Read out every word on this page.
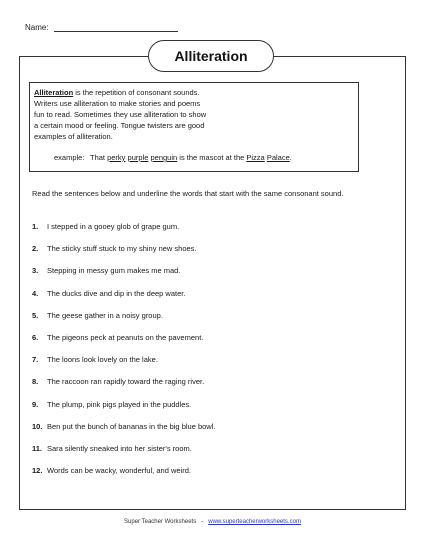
Name:
Alliteration

Alliteration is the repetition of consonant sounds.

Writers use alliteration to make stories and poems

fun to read. Sometimes they use alliteration to show

a certain mood or feeling. Tongue twisters are good

examples of alliteration.

example: That perky purple penguin is the mascot at the Pizza Palace.

Read the sentences below and underline the words that start with the same consonant sound.
1.	I stepped in a gooey glob of grape gum.
2.	The sticky stuff stuck to my shiny new shoes.
3.	Stepping in messy gum makes me mad.
4.	The ducks dive and dip in the deep water.
5.	The geese gather in a noisy group.
6.	The pigeons peck at peanuts on the pavement.
7.	The loons look lovely on the lake.
8.	The raccoon ran rapidly toward the raging river.
9.	The plump, pink pigs played in the puddles.
10. Ben put the bunch of bananas in the big blue bowl.
11. Sara silently sneaked into her sister's room.
12. Words can be wacky, wonderful, and weird.
Super Teacher Worksheets - www.superteacherworksheets.com
